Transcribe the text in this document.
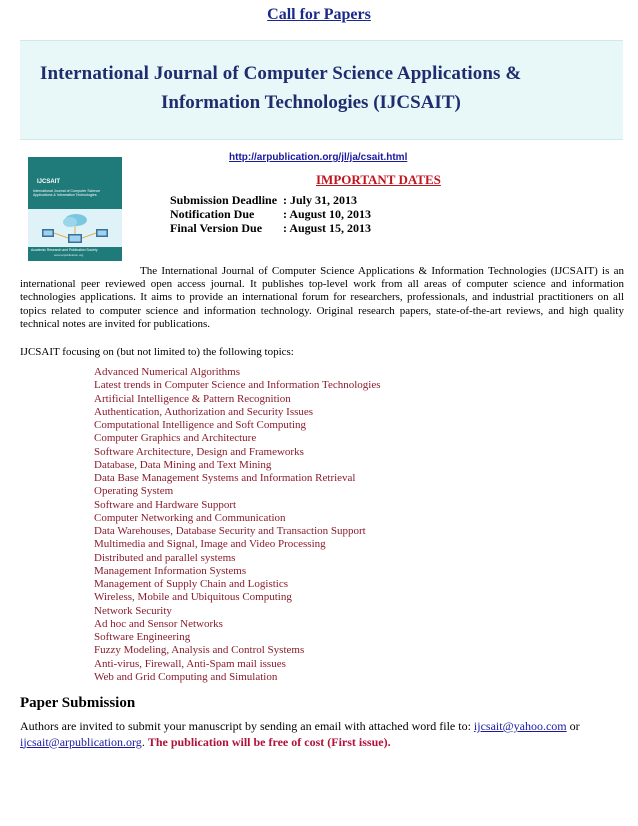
Call for Papers
International Journal of Computer Science Applications &
Information Technologies (IJCSAIT)
http://arpublication.org/jl/ja/csait.html
IJCSAIT
International Journal of Computer Science Applications & Information Technologies
Academic Research and Publication Society
www.arpublication.org
IMPORTANT DATES
Submission Deadline : July 31, 2013
Notification Due : August 10, 2013
Final Version Due : August 15, 2013
The International Journal of Computer Science Applications & Information Technologies (IJCSAIT) is an international peer reviewed open access journal. It publishes top-level work from all areas of computer science and information technologies applications. It aims to provide an international forum for researchers, professionals, and industrial practitioners on all topics related to computer science and information technology. Original research papers, state-of-the-art reviews, and high quality technical notes are invited for publications.
IJCSAIT focusing on (but not limited to) the following topics:
Advanced Numerical Algorithms
Latest trends in Computer Science and Information Technologies
Artificial Intelligence & Pattern Recognition
Authentication, Authorization and Security Issues
Computational Intelligence and Soft Computing
Computer Graphics and Architecture
Software Architecture, Design and Frameworks
Database, Data Mining and Text Mining
Data Base Management Systems and Information Retrieval
Operating System
Software and Hardware Support
Computer Networking and Communication
Data Warehouses, Database Security and Transaction Support
Multimedia and Signal, Image and Video Processing
Distributed and parallel systems
Management Information Systems
Management of Supply Chain and Logistics
Wireless, Mobile and Ubiquitous Computing
Network Security
Ad hoc and Sensor Networks
Software Engineering
Fuzzy Modeling, Analysis and Control Systems
Anti-virus, Firewall, Anti-Spam mail issues
Web and Grid Computing and Simulation
Paper Submission
Authors are invited to submit your manuscript by sending an email with attached word file to: ijcsait@yahoo.com or ijcsait@arpublication.org. The publication will be free of cost (First issue).
